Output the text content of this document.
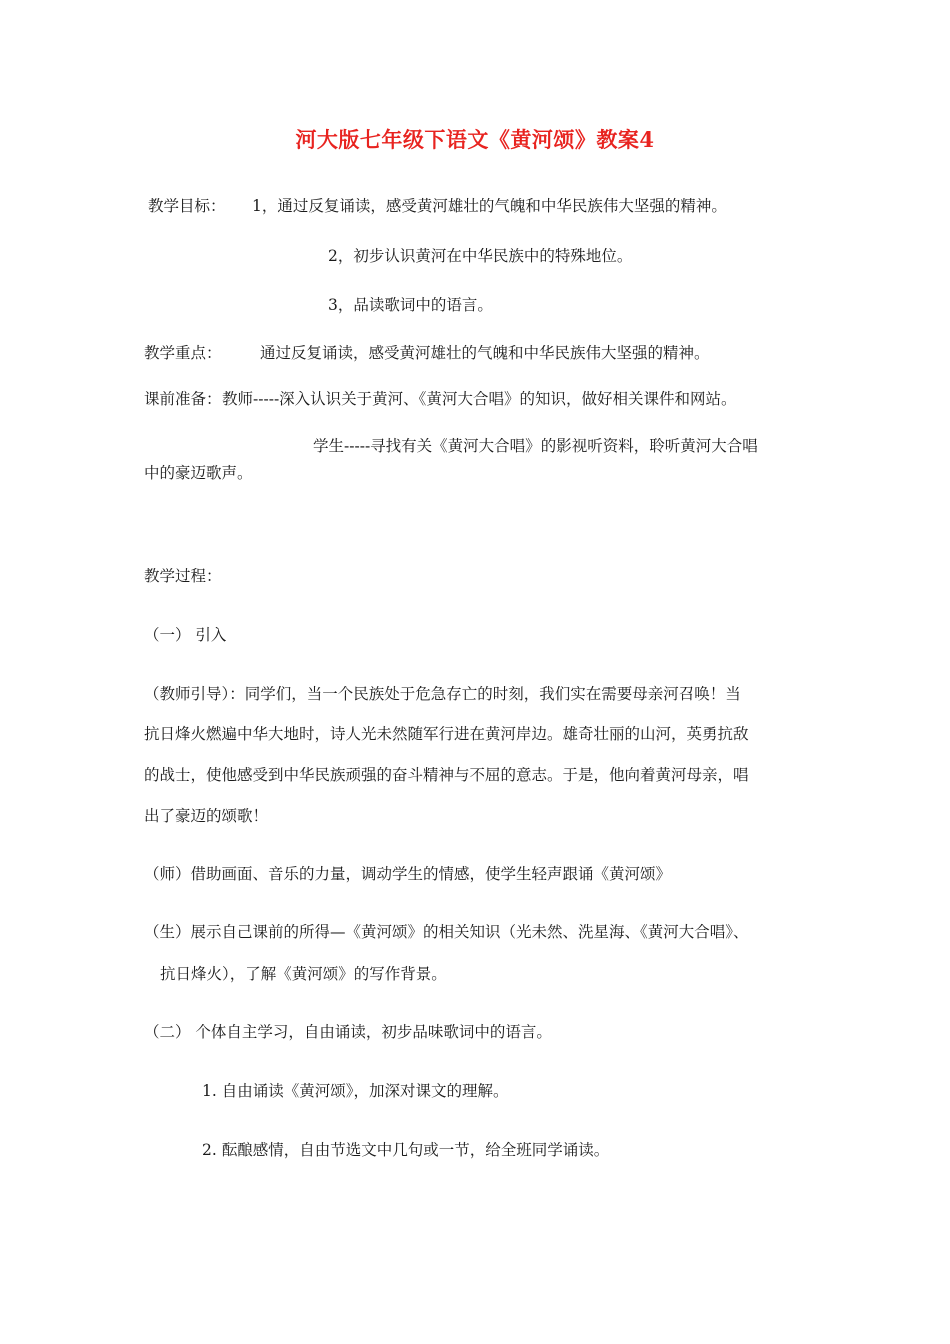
河大版七年级下语文《黄河颂》教案4
教学目标： 1，通过反复诵读，感受黄河雄壮的气魄和中华民族伟大坚强的精神。
2，初步认识黄河在中华民族中的特殊地位。
3，品读歌词中的语言。
教学重点： 通过反复诵读，感受黄河雄壮的气魄和中华民族伟大坚强的精神。
课前准备： 教师-----深入认识关于黄河、《黄河大合唱》的知识，做好相关课件和网站。
学生-----寻找有关《黄河大合唱》的影视听资料，聆听黄河大合唱
中的豪迈歌声。
教学过程：
（一） 引入
（教师引导）：同学们，当一个民族处于危急存亡的时刻，我们实在需要母亲河召唤！当
抗日烽火燃遍中华大地时，诗人光未然随军行进在黄河岸边。雄奇壮丽的山河，英勇抗敌
的战士，使他感受到中华民族顽强的奋斗精神与不屈的意志。于是，他向着黄河母亲，唱
出了豪迈的颂歌！
（师）借助画面、音乐的力量，调动学生的情感，使学生轻声跟诵《黄河颂》
（生）展示自己课前的所得—《黄河颂》的相关知识（光未然、洗星海、《黄河大合唱》、
抗日烽火），了解《黄河颂》的写作背景。
（二） 个体自主学习，自由诵读，初步品味歌词中的语言。
1. 自由诵读《黄河颂》，加深对课文的理解。
2. 酝酿感情，自由节选文中几句或一节，给全班同学诵读。
